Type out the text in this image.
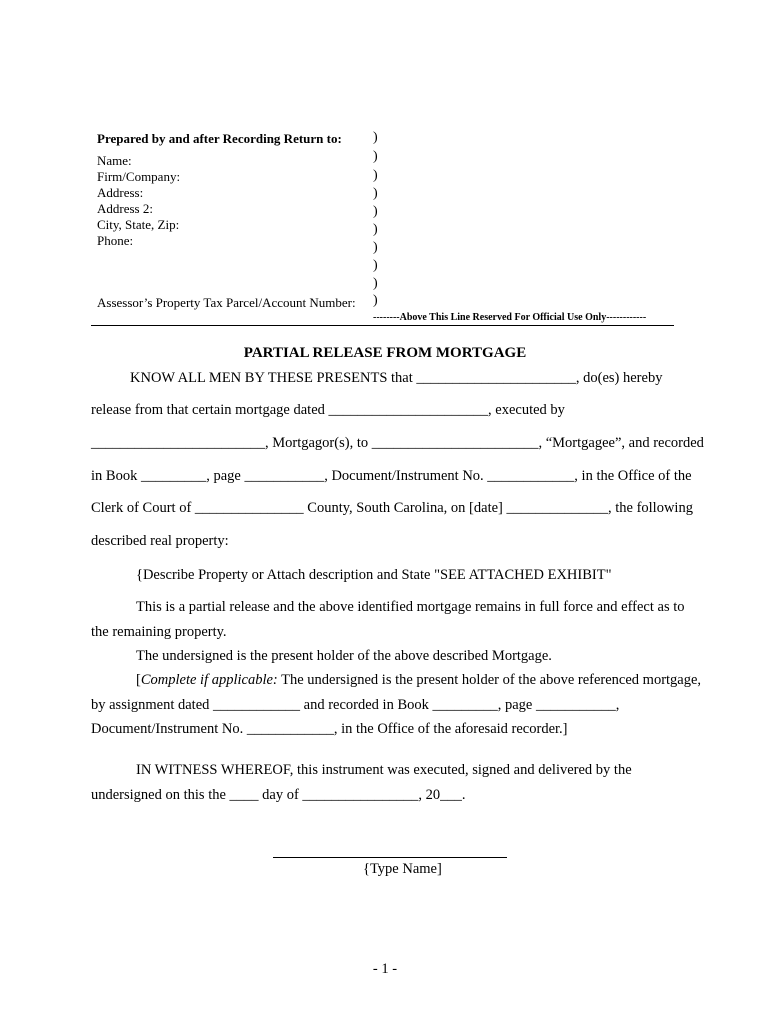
Prepared by and after Recording Return to:
Name:
Firm/Company:
Address:
Address 2:
City, State, Zip:
Phone:
Assessor’s Property Tax Parcel/Account Number:
)
)
)
)
)
)
)
)
)
)
--------Above This Line Reserved For Official Use Only------------
PARTIAL RELEASE FROM MORTGAGE
KNOW ALL MEN BY THESE PRESENTS that ______________________, do(es) hereby
release from that certain mortgage dated ______________________, executed by
________________________, Mortgagor(s), to _______________________, “Mortgagee”, and recorded
in Book _________, page ___________, Document/Instrument No. ____________, in the Office of the
Clerk of Court of _______________ County, South Carolina, on [date] ______________, the following
described real property:
{Describe Property or Attach description and State "SEE ATTACHED EXHIBIT"
This is a partial release and the above identified mortgage remains in full force and effect as to
the remaining property.
The undersigned is the present holder of the above described Mortgage.
[Complete if applicable: The undersigned is the present holder of the above referenced mortgage,
by assignment dated ____________ and recorded in Book _________, page ___________,
Document/Instrument No. ____________, in the Office of the aforesaid recorder.]
IN WITNESS WHEREOF, this instrument was executed, signed and delivered by the
undersigned on this the ____ day of ________________, 20___.
{Type Name]
- 1 -
